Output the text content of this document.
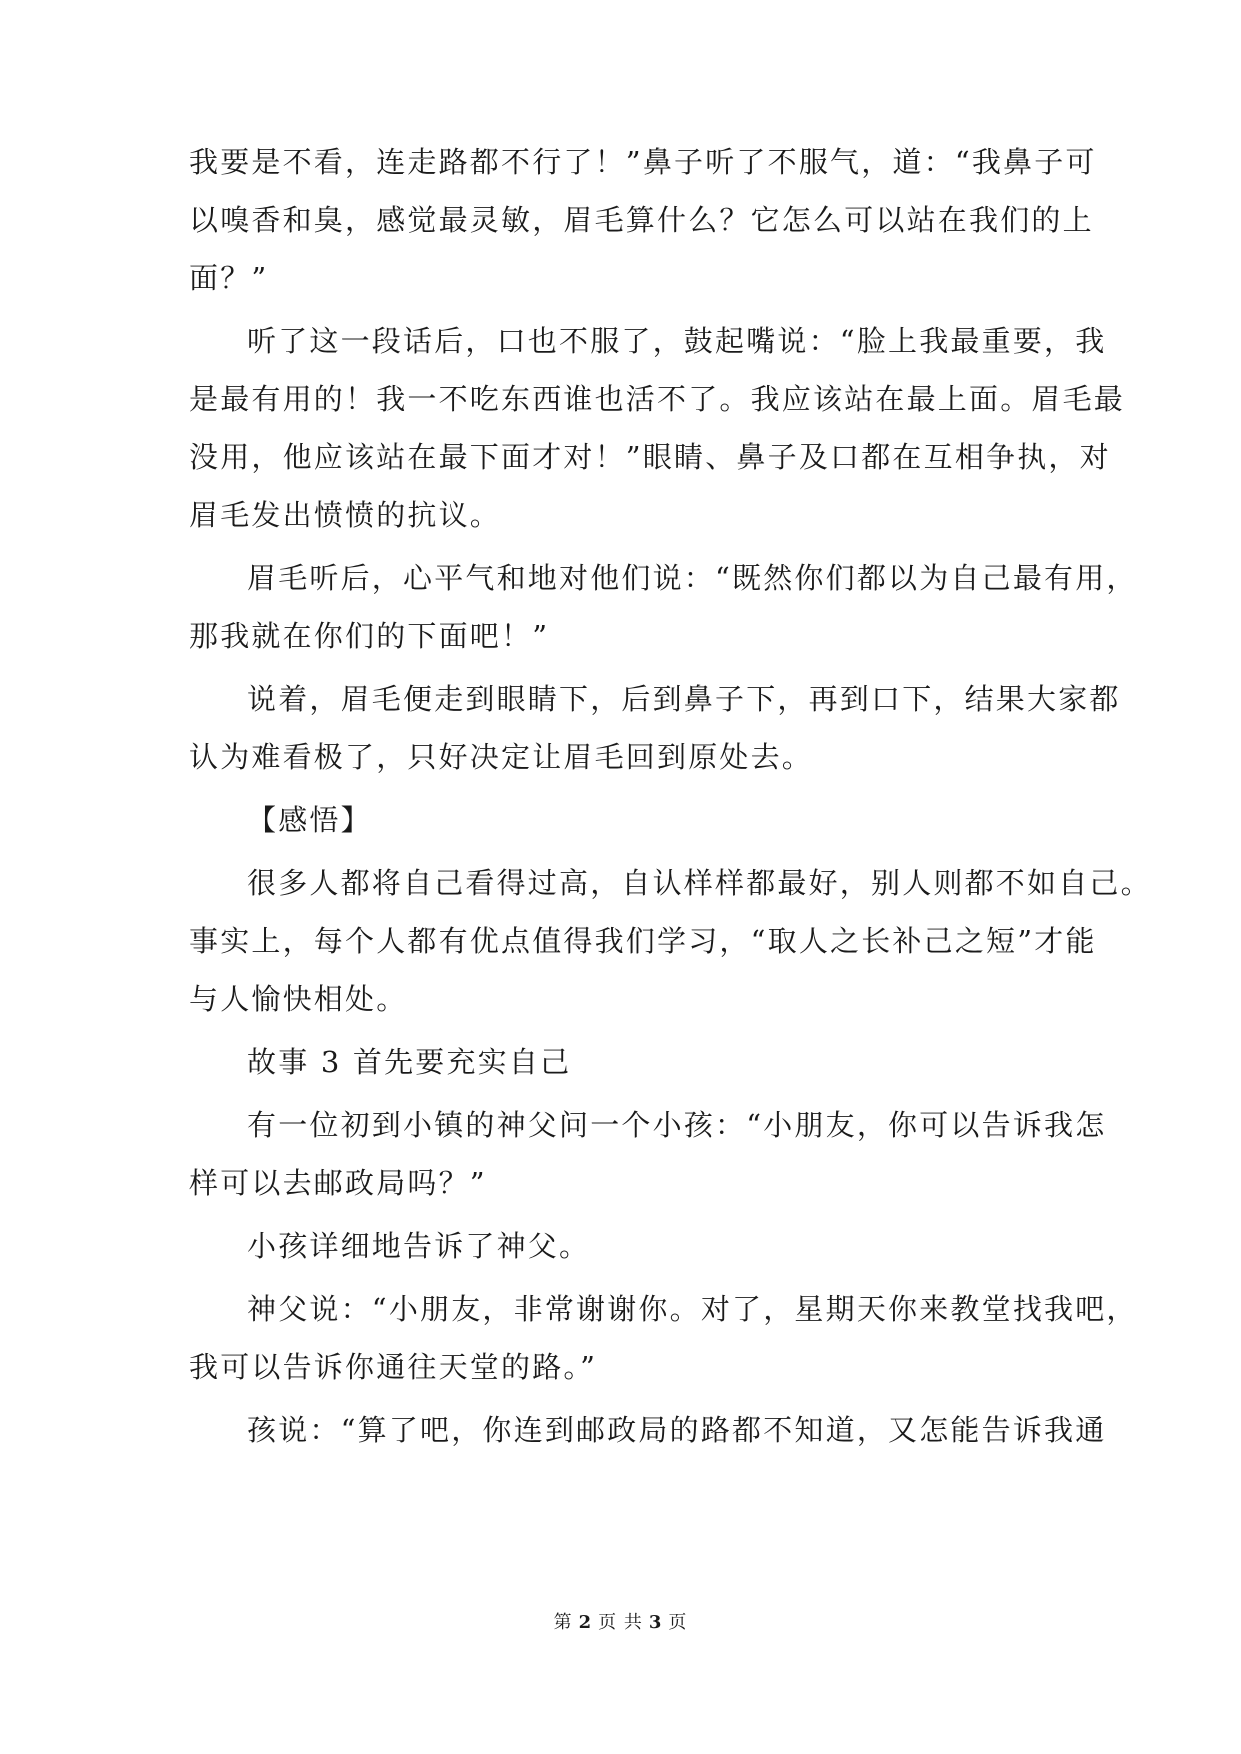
我要是不看，连走路都不行了！”鼻子听了不服气，道：“我鼻子可
以嗅香和臭，感觉最灵敏，眉毛算什么？它怎么可以站在我们的上
面？”
听了这一段话后，口也不服了，鼓起嘴说：“脸上我最重要，我
是最有用的！我一不吃东西谁也活不了。我应该站在最上面。眉毛最
没用，他应该站在最下面才对！”眼睛、鼻子及口都在互相争执，对
眉毛发出愤愤的抗议。
眉毛听后，心平气和地对他们说：“既然你们都以为自己最有用，
那我就在你们的下面吧！”
说着，眉毛便走到眼睛下，后到鼻子下，再到口下，结果大家都
认为难看极了，只好决定让眉毛回到原处去。
【感悟】
很多人都将自己看得过高，自认样样都最好，别人则都不如自己。
事实上，每个人都有优点值得我们学习，“取人之长补己之短”才能
与人愉快相处。
故事 3 首先要充实自己
有一位初到小镇的神父问一个小孩：“小朋友，你可以告诉我怎
样可以去邮政局吗？”
小孩详细地告诉了神父。
神父说：“小朋友，非常谢谢你。对了，星期天你来教堂找我吧，
我可以告诉你通往天堂的路。”
孩说：“算了吧，你连到邮政局的路都不知道，又怎能告诉我通
第 2 页 共 3 页
